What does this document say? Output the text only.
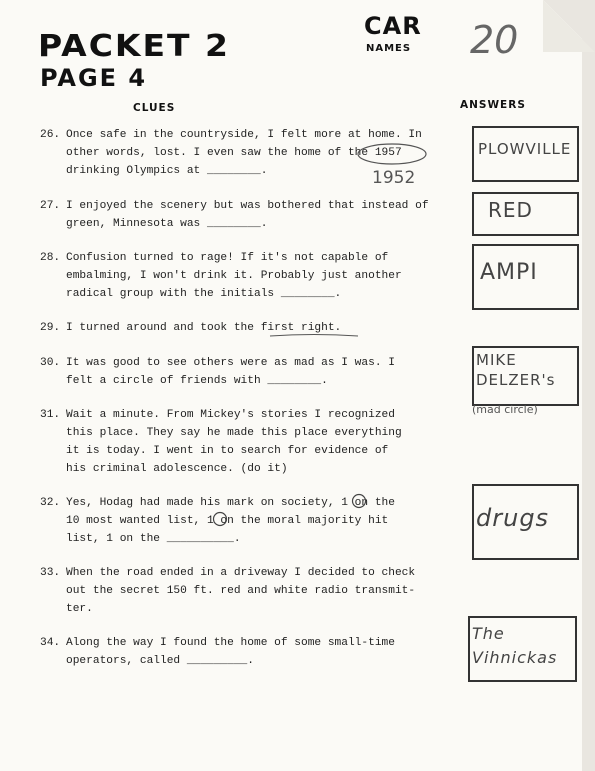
PACKET 2
PAGE 4
CAR
NAMES 20
CLUES	ANSWERS

26. Once safe in the countryside, I felt more at home. In

other words, lost. I even saw the home of the 1957

drinking Olympics at ________.	1952

27. I enjoyed the scenery but was bothered that instead of

green, Minnesota was ________.

28. Confusion turned to rage! If it's not capable of

embalming, I won't drink it. Probably just another

radical group with the initials ________.

29. I turned around and took the first right.

30. It was good to see others were as mad as I was. I

felt a circle of friends with ________.

31. Wait a minute. From Mickey's stories I recognized

this place. They say he made this place everything

it is today. I went in to search for evidence of

his criminal adolescence. (do it)

32. Yes, Hodag had made his mark on society, 1 on the

10 most wanted list, 1 on the moral majority hit

list, 1 on the __________.

33. When the road ended in a driveway I decided to check

out the secret 150 ft. red and white radio transmit-

ter.

34. Along the way I found the home of some small-time

operators, called _________.

PLOWVILLE
RED
AMPI
MIKE DELZER's
(mad circle)
drugs
The Vihnickas
